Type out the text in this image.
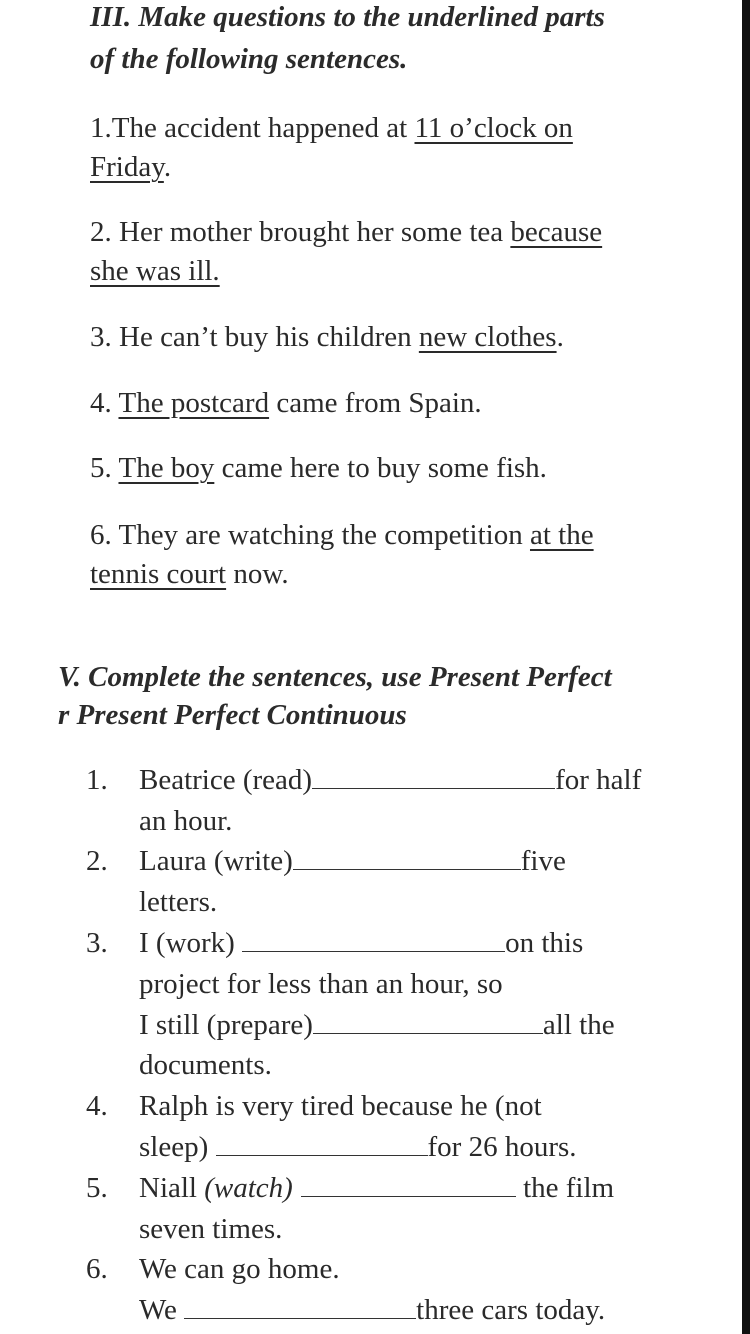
III. Make questions to the underlined parts
of the following sentences.
1.The accident happened at 11 o’clock on
Friday.
2. Her mother brought her some tea because
she was ill.
3. He can’t buy his children new clothes.
4. The postcard came from Spain.
5. The boy came here to buy some fish.
6. They are watching the competition at the
tennis court now.
V. Complete the sentences, use Present Perfect
r Present Perfect Continuous
1. Beatrice (read)	for half
an hour.
2. Laura (write)	five
letters.
3. I (work)	on this
project for less than an hour, so
I still (prepare)	all the
documents.
4. Ralph is very tired because he (not
sleep)	for 26 hours.
5. Niall (watch)	the film
seven times.
6. We can go home.
We	three cars today.
